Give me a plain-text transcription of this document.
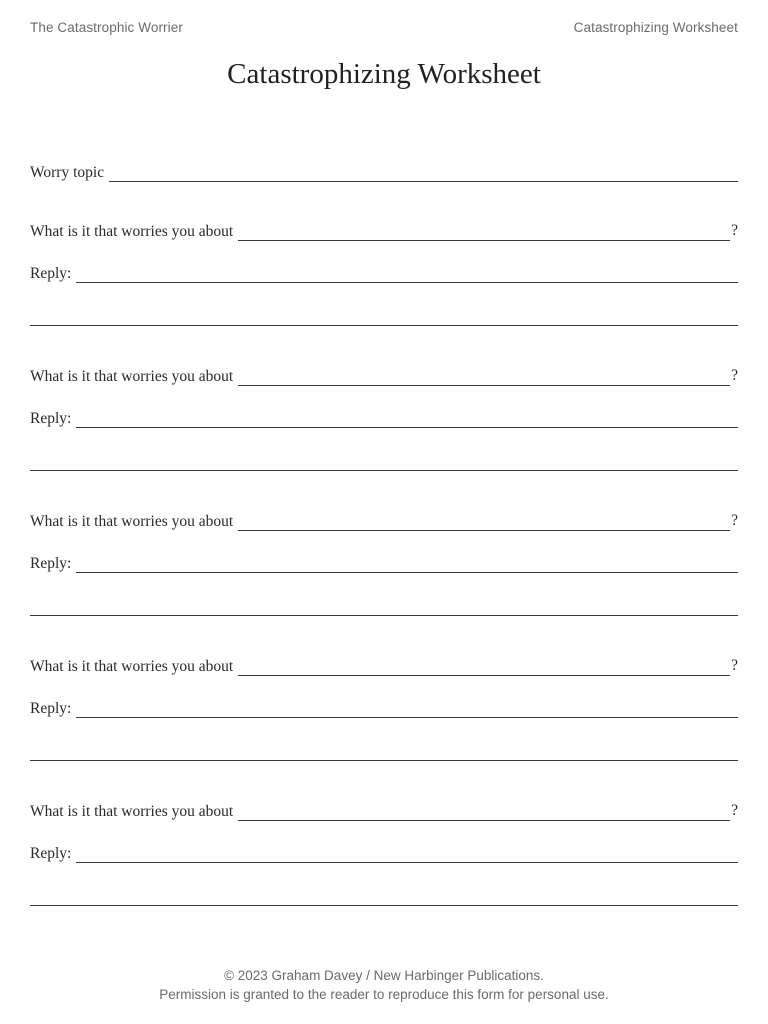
The Catastrophic Worrier	Catastrophizing Worksheet
Catastrophizing Worksheet
Worry topic
What is it that worries you about	?
Reply:
What is it that worries you about	?
Reply:
What is it that worries you about	?
Reply:
What is it that worries you about	?
Reply:
What is it that worries you about	?
Reply:
© 2023 Graham Davey / New Harbinger Publications.
Permission is granted to the reader to reproduce this form for personal use.
